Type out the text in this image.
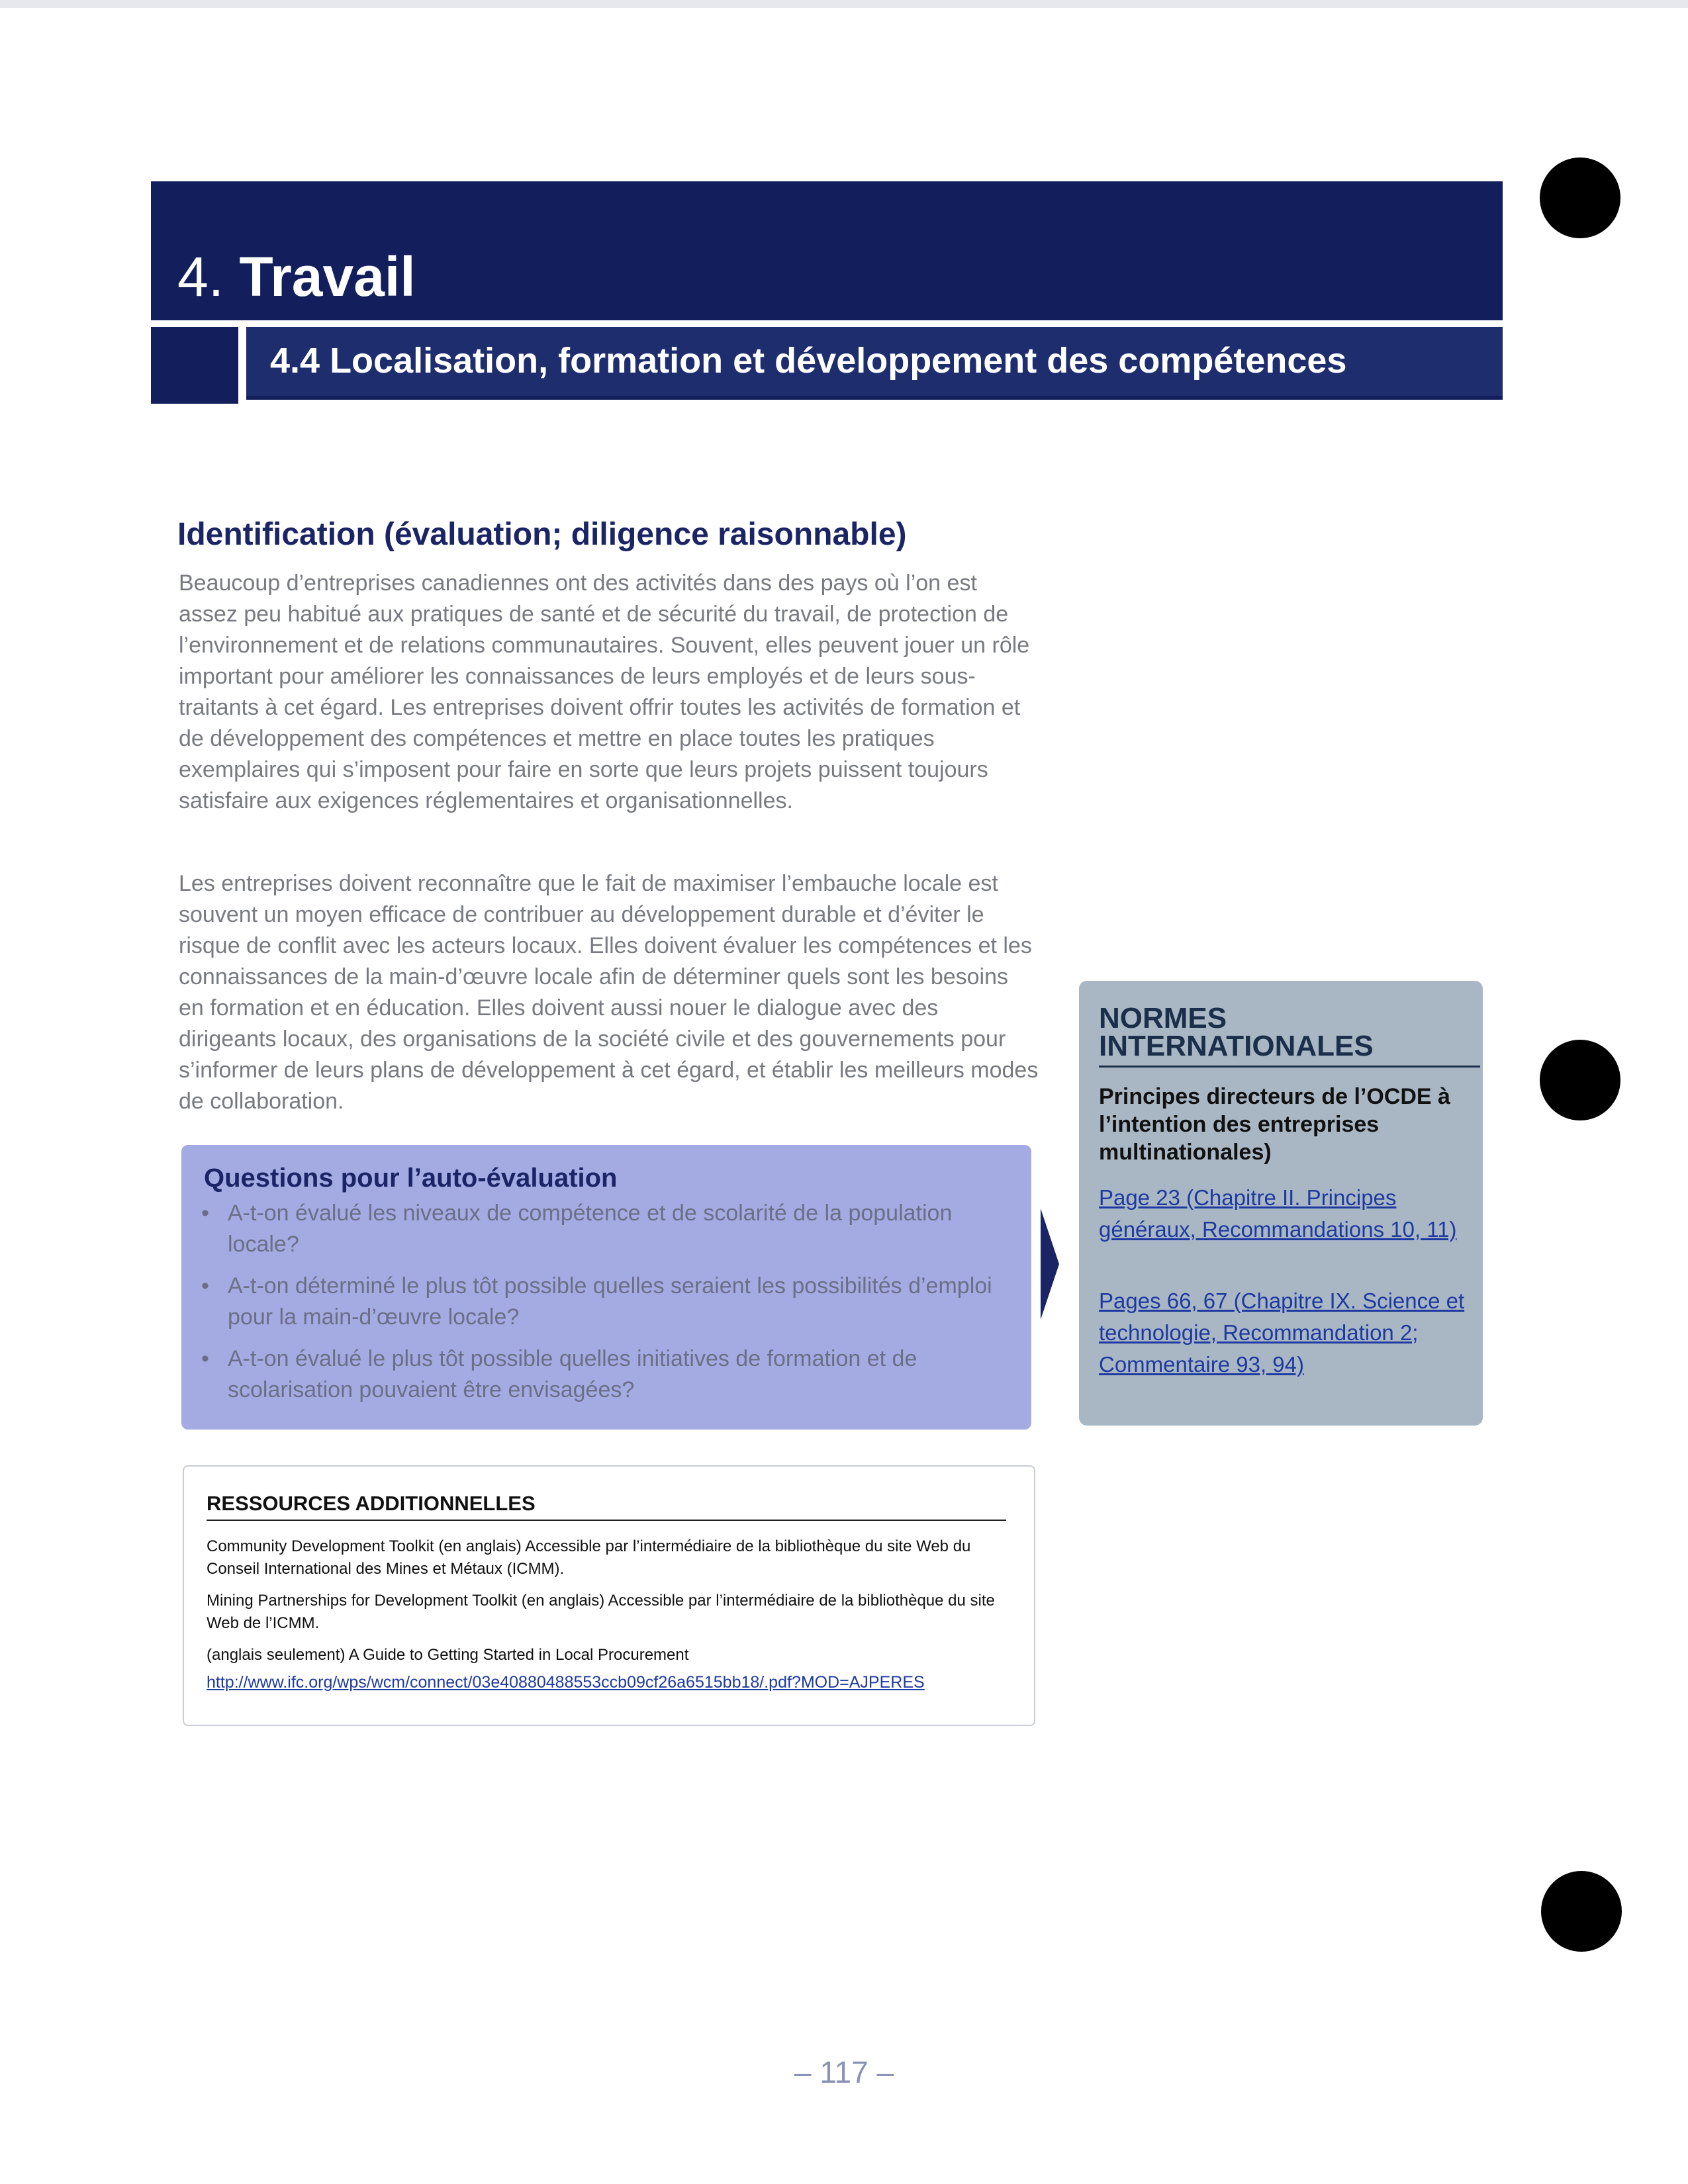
4. Travail
4.4 Localisation, formation et développement des compétences
Identification (évaluation; diligence raisonnable)

Beaucoup d’entreprises canadiennes ont des activités dans des pays où l’on est assez peu habitué aux pratiques de santé et de sécurité du travail, de protection de l’environnement et de relations communautaires. Souvent, elles peuvent jouer un rôle important pour améliorer les connaissances de leurs employés et de leurs sous-traitants à cet égard. Les entreprises doivent offrir toutes les activités de formation et de développement des compétences et mettre en place toutes les pratiques exemplaires qui s’imposent pour faire en sorte que leurs projets puissent toujours satisfaire aux exigences réglementaires et organisationnelles.

Les entreprises doivent reconnaître que le fait de maximiser l’embauche locale est souvent un moyen efficace de contribuer au développement durable et d’éviter le risque de conflit avec les acteurs locaux. Elles doivent évaluer les compétences et les connaissances de la main-d’œuvre locale afin de déterminer quels sont les besoins en formation et en éducation. Elles doivent aussi nouer le dialogue avec des dirigeants locaux, des organisations de la société civile et des gouvernements pour s’informer de leurs plans de développement à cet égard, et établir les meilleurs modes de collaboration.

Questions pour l’auto-évaluation
• A-t-on évalué les niveaux de compétence et de scolarité de la population locale?
• A-t-on déterminé le plus tôt possible quelles seraient les possibilités d’emploi pour la main-d’œuvre locale?
• A-t-on évalué le plus tôt possible quelles initiatives de formation et de scolarisation pouvaient être envisagées?
NORMES INTERNATIONALES

Principes directeurs de l’OCDE à l’intention des entreprises multinationales)

Page 23 (Chapitre II. Principes généraux, Recommandations 10, 11)
Pages 66, 67 (Chapitre IX. Science et technologie, Recommandation 2; Commentaire 93, 94)
RESSOURCES ADDITIONNELLES

Community Development Toolkit (en anglais) Accessible par l’intermédiaire de la bibliothèque du site Web du Conseil International des Mines et Métaux (ICMM).

Mining Partnerships for Development Toolkit (en anglais) Accessible par l’intermédiaire de la bibliothèque du site Web de l’ICMM.

(anglais seulement) A Guide to Getting Started in Local Procurement

http://www.ifc.org/wps/wcm/connect/03e40880488553ccb09cf26a6515bb18/.pdf?MOD=AJPERES
– 117 –
